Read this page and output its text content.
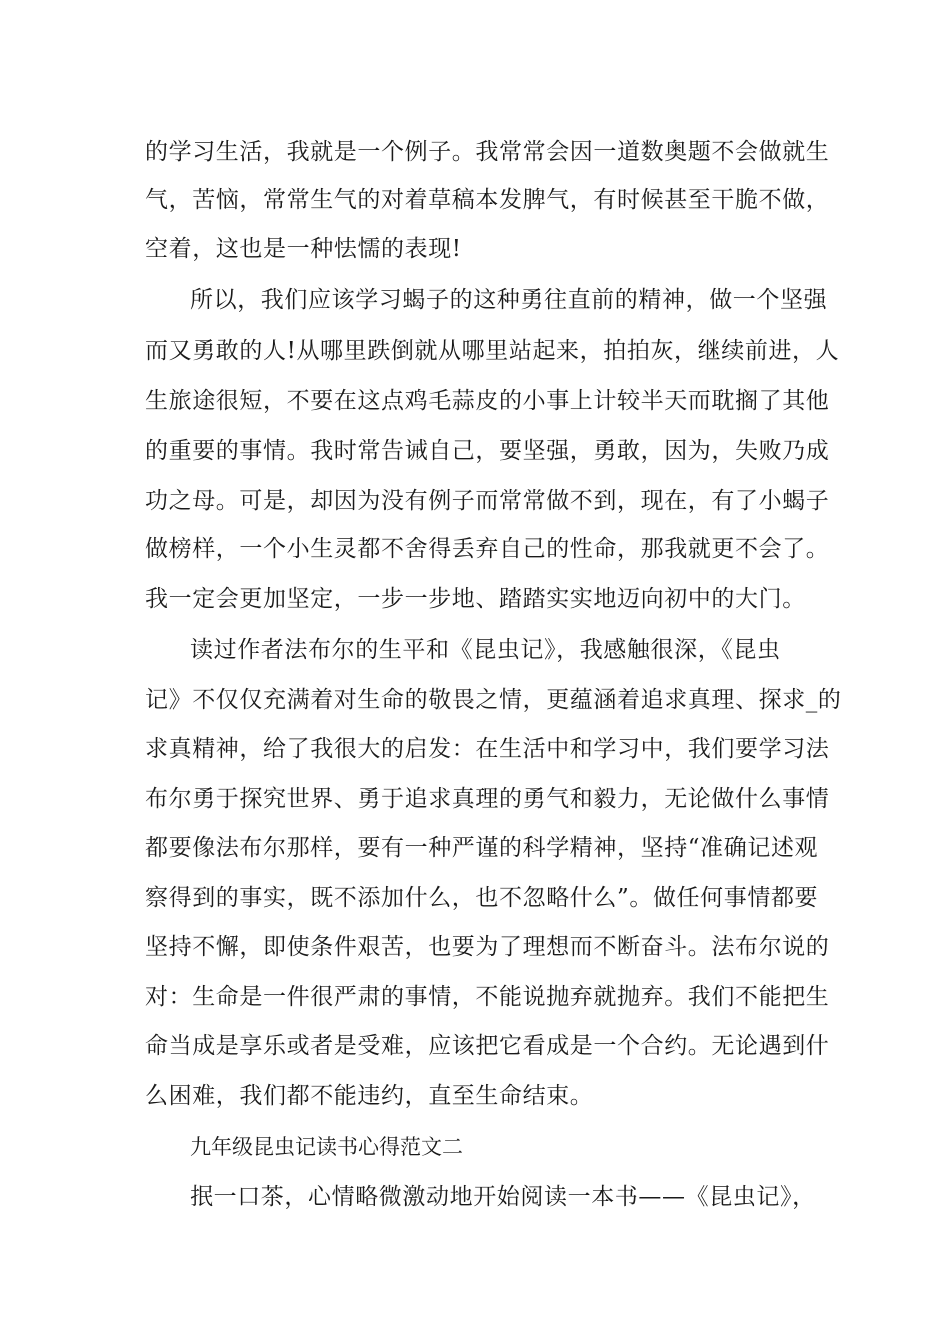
的学习生活，我就是一个例子。我常常会因一道数奥题不会做就生
气，苦恼，常常生气的对着草稿本发脾气，有时候甚至干脆不做，
空着，这也是一种怯懦的表现!
所以，我们应该学习蝎子的这种勇往直前的精神，做一个坚强
而又勇敢的人!从哪里跌倒就从哪里站起来，拍拍灰，继续前进，人
生旅途很短，不要在这点鸡毛蒜皮的小事上计较半天而耽搁了其他
的重要的事情。我时常告诫自己，要坚强，勇敢，因为，失败乃成
功之母。可是，却因为没有例子而常常做不到，现在，有了小蝎子
做榜样，一个小生灵都不舍得丢弃自己的性命，那我就更不会了。
我一定会更加坚定，一步一步地、踏踏实实地迈向初中的大门。
读过作者法布尔的生平和《昆虫记》，我感触很深，《昆虫
记》不仅仅充满着对生命的敬畏之情，更蕴涵着追求真理、探求_的
求真精神，给了我很大的启发：在生活中和学习中，我们要学习法
布尔勇于探究世界、勇于追求真理的勇气和毅力，无论做什么事情
都要像法布尔那样，要有一种严谨的科学精神，坚持“准确记述观
察得到的事实，既不添加什么，也不忽略什么”。做任何事情都要
坚持不懈，即使条件艰苦，也要为了理想而不断奋斗。法布尔说的
对：生命是一件很严肃的事情，不能说抛弃就抛弃。我们不能把生
命当成是享乐或者是受难，应该把它看成是一个合约。无论遇到什
么困难，我们都不能违约，直至生命结束。
九年级昆虫记读书心得范文二
抿一口茶，心情略微激动地开始阅读一本书——《昆虫记》，
